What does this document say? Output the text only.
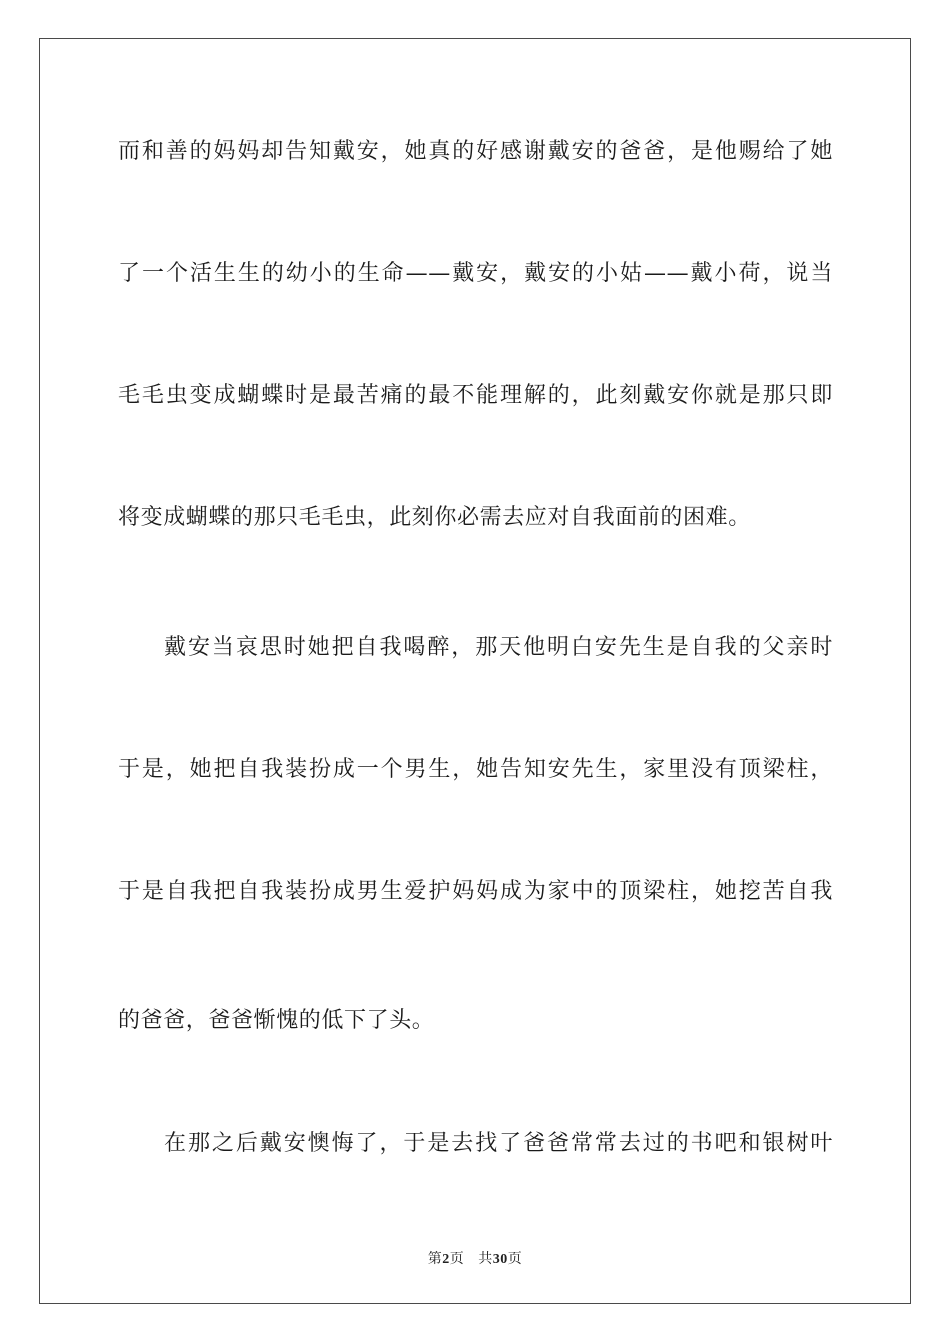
而和善的妈妈却告知戴安，她真的好感谢戴安的爸爸，是他赐给了她
了一个活生生的幼小的生命——戴安，戴安的小姑——戴小荷，说当
毛毛虫变成蝴蝶时是最苦痛的最不能理解的，此刻戴安你就是那只即
将变成蝴蝶的那只毛毛虫，此刻你必需去应对自我面前的困难。
戴安当哀思时她把自我喝醉，那天他明白安先生是自我的父亲时
于是，她把自我装扮成一个男生，她告知安先生，家里没有顶梁柱，
于是自我把自我装扮成男生爱护妈妈成为家中的顶梁柱，她挖苦自我
的爸爸，爸爸惭愧的低下了头。
在那之后戴安懊悔了，于是去找了爸爸常常去过的书吧和银树叶
第2页 共30页
